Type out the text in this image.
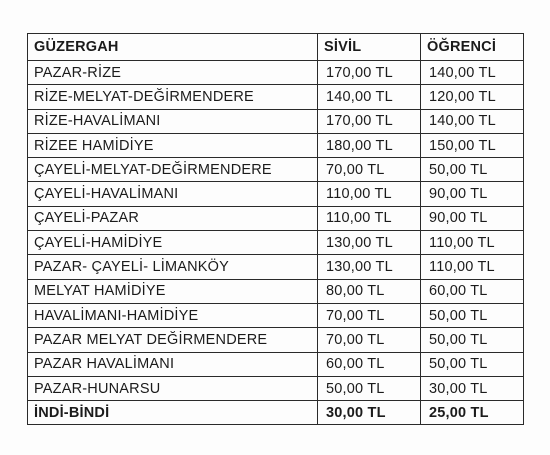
GÜZERGAH	SİVİL	ÖĞRENCİ
PAZAR-RİZE	170,00 TL	140,00 TL
RİZE-MELYAT-DEĞİRMENDERE	140,00 TL	120,00 TL
RİZE-HAVALİMANI	170,00 TL	140,00 TL
RİZEE HAMİDİYE	180,00 TL	150,00 TL
ÇAYELİ-MELYAT-DEĞİRMENDERE	70,00 TL	50,00 TL
ÇAYELİ-HAVALİMANI	110,00 TL	90,00 TL
ÇAYELİ-PAZAR	110,00 TL	90,00 TL
ÇAYELİ-HAMİDİYE	130,00 TL	110,00 TL
PAZAR- ÇAYELİ- LİMANKÖY	130,00 TL	110,00 TL
MELYAT HAMİDİYE	80,00 TL	60,00 TL
HAVALİMANI-HAMİDİYE	70,00 TL	50,00 TL
PAZAR MELYAT DEĞİRMENDERE	70,00 TL	50,00 TL
PAZAR HAVALİMANI	60,00 TL	50,00 TL
PAZAR-HUNARSU	50,00 TL	30,00 TL
İNDİ-BİNDİ	30,00 TL	25,00 TL
